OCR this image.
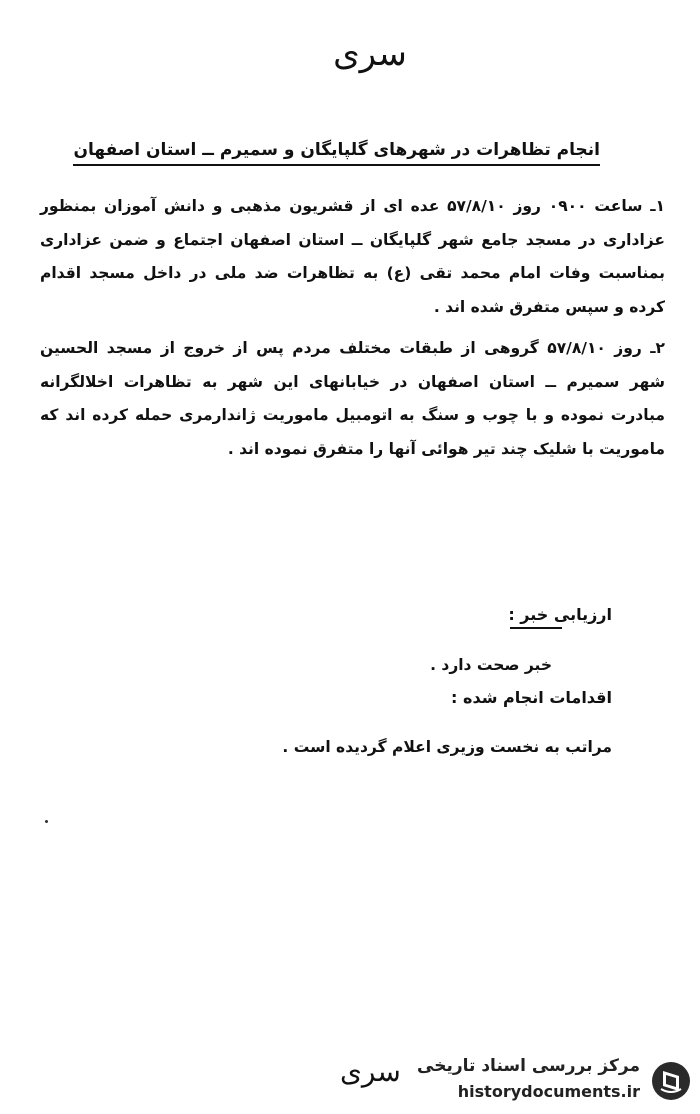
سری
انجام تظاهرات در شهرهای گلپایگان و سمیرم ــ استان اصفهان

۱ـ ساعت ۰۹۰۰ روز ۵۷/۸/۱۰ عده ای از قشریون مذهبی و دانش آموزان بمنظور عزاداری در مسجد جامع شهر گلپایگان ــ استان اصفهان اجتماع و ضمن عزاداری بمناسبت وفات امام محمد تقی (ع) به تظاهرات ضد ملی در داخل مسجد اقدام کرده و سپس متفرق شده اند .

۲ـ روز ۵۷/۸/۱۰ گروهی از طبقات مختلف مردم پس از خروج از مسجد الحسین شهر سمیرم ــ استان اصفهان در خیابانهای این شهر به تظاهرات اخلالگرانه مبادرت نموده و با چوب و سنگ به اتومبیل ماموریت ژاندارمری حمله کرده اند که ماموریت با شلیک چند تیر هوائی آنها را متفرق نموده اند .

ارزیابی خبر :
خبر صحت دارد .
اقدامات انجام شده :
مراتب به نخست وزیری اعلام گردیده است .
سری مرکز بررسی اسناد تاریخی
historydocuments.ir
